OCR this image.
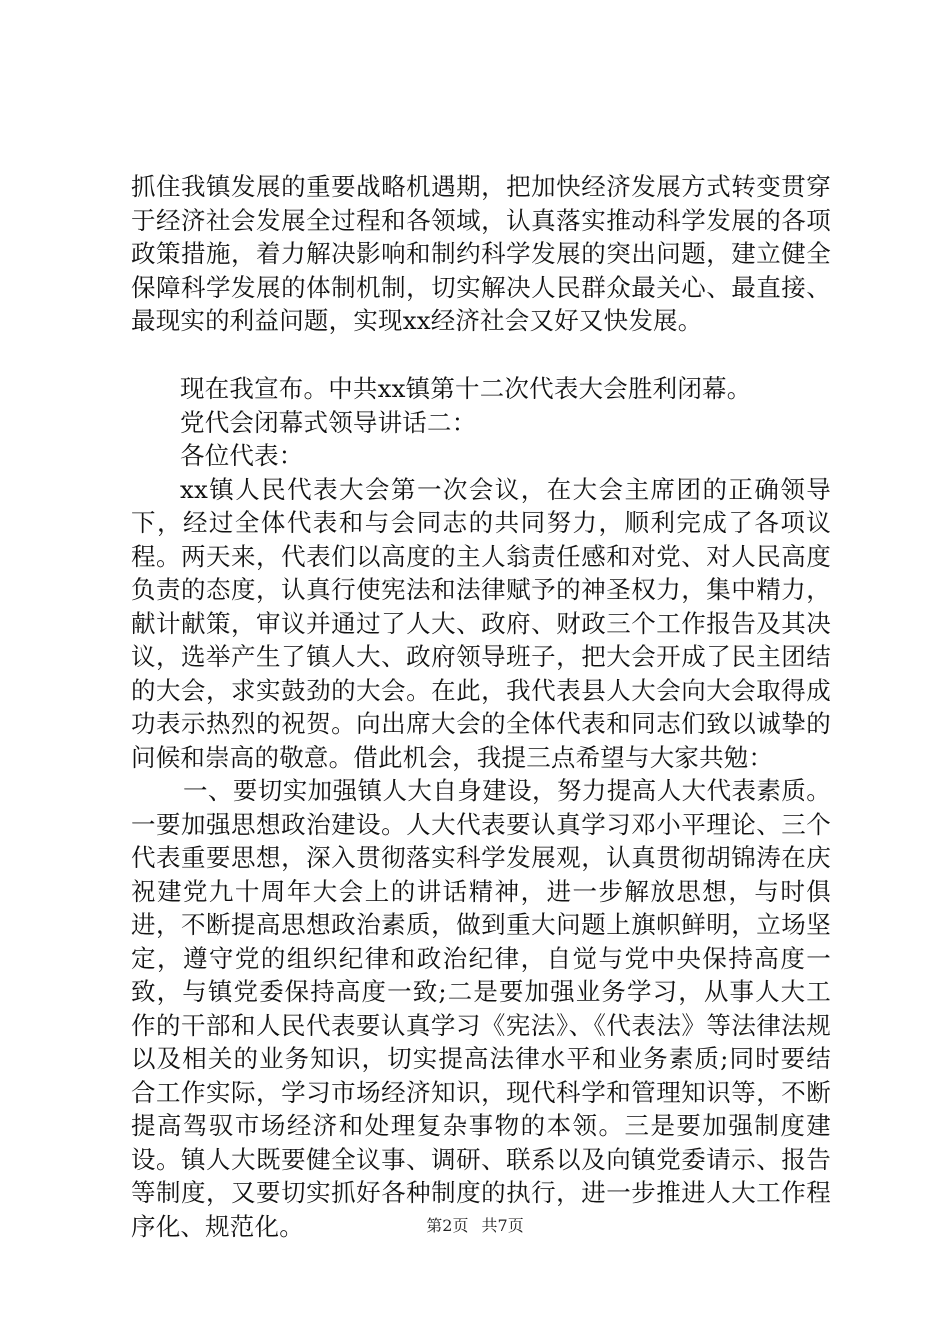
抓住我镇发展的重要战略机遇期，把加快经济发展方式转变贯穿于经济社会发展全过程和各领域，认真落实推动科学发展的各项政策措施，着力解决影响和制约科学发展的突出问题，建立健全保障科学发展的体制机制，切实解决人民群众最关心、最直接、最现实的利益问题，实现xx经济社会又好又快发展。

现在我宣布。中共xx镇第十二次代表大会胜利闭幕。

党代会闭幕式领导讲话二：

各位代表：

xx镇人民代表大会第一次会议，在大会主席团的正确领导下，经过全体代表和与会同志的共同努力，顺利完成了各项议程。两天来，代表们以高度的主人翁责任感和对党、对人民高度负责的态度，认真行使宪法和法律赋予的神圣权力，集中精力，献计献策，审议并通过了人大、政府、财政三个工作报告及其决议，选举产生了镇人大、政府领导班子，把大会开成了民主团结的大会，求实鼓劲的大会。在此，我代表县人大会向大会取得成功表示热烈的祝贺。向出席大会的全体代表和同志们致以诚挚的问候和崇高的敬意。借此机会，我提三点希望与大家共勉：

一、要切实加强镇人大自身建设，努力提高人大代表素质。一要加强思想政治建设。人大代表要认真学习邓小平理论、三个代表重要思想，深入贯彻落实科学发展观，认真贯彻胡锦涛在庆祝建党九十周年大会上的讲话精神，进一步解放思想，与时俱进，不断提高思想政治素质，做到重大问题上旗帜鲜明，立场坚定，遵守党的组织纪律和政治纪律，自觉与党中央保持高度一致，与镇党委保持高度一致;二是要加强业务学习，从事人大工作的干部和人民代表要认真学习《宪法》、《代表法》等法律法规以及相关的业务知识，切实提高法律水平和业务素质;同时要结合工作实际，学习市场经济知识，现代科学和管理知识等，不断提高驾驭市场经济和处理复杂事物的本领。三是要加强制度建设。镇人大既要健全议事、调研、联系以及向镇党委请示、报告等制度，又要切实抓好各种制度的执行，进一步推进人大工作程序化、规范化。	第2页 共7页
